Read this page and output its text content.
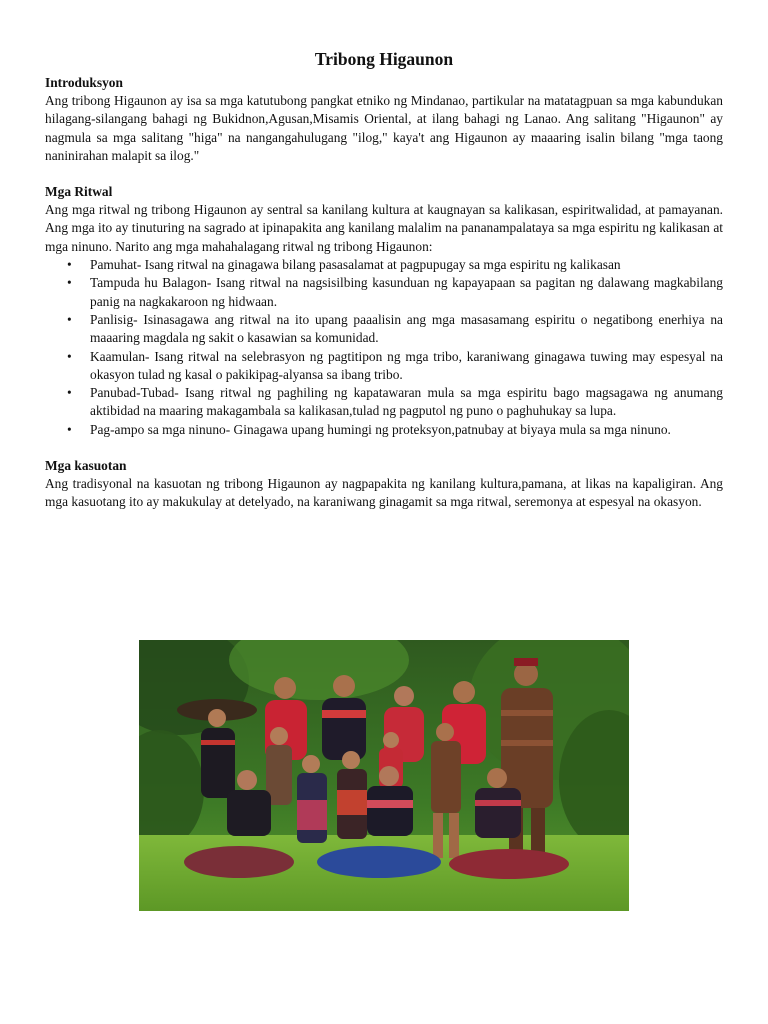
Tribong Higaunon
Introduksyon

Ang tribong Higaunon ay isa sa mga katutubong pangkat etniko ng Mindanao, partikular na matatagpuan sa mga kabundukan hilagang-silangang bahagi ng Bukidnon,Agusan,Misamis Oriental, at ilang bahagi ng Lanao. Ang salitang "Higaunon" ay nagmula sa mga salitang "higa" na nangangahulugang "ilog," kaya't ang Higaunon ay maaaring isalin bilang "mga taong naninirahan malapit sa ilog."

Mga Ritwal

Ang mga ritwal ng tribong Higaunon ay sentral sa kanilang kultura at kaugnayan sa kalikasan, espiritwalidad, at pamayanan. Ang mga ito ay tinuturing na sagrado at ipinapakita ang kanilang malalim na pananampalataya sa mga espiritu ng kalikasan at mga ninuno. Narito ang mga mahahalagang ritwal ng tribong Higaunon:

• Pamuhat- Isang ritwal na ginagawa bilang pasasalamat at pagpupugay sa mga espiritu ng kalikasan
• Tampuda hu Balagon- Isang ritwal na nagsisilbing kasunduan ng kapayapaan sa pagitan ng dalawang magkabilang panig na nagkakaroon ng hidwaan.
• Panlisig- Isinasagawa ang ritwal na ito upang paaalisin ang mga masasamang espiritu o negatibong enerhiya na maaaring magdala ng sakit o kasawian sa komunidad.
• Kaamulan- Isang ritwal na selebrasyon ng pagtitipon ng mga tribo, karaniwang ginagawa tuwing may espesyal na okasyon tulad ng kasal o pakikipag-alyansa sa ibang tribo.
• Panubad-Tubad- Isang ritwal ng paghiling ng kapatawaran mula sa mga espiritu bago magsagawa ng anumang aktibidad na maaring makagambala sa kalikasan,tulad ng pagputol ng puno o paghuhukay sa lupa.
• Pag-ampo sa mga ninuno- Ginagawa upang humingi ng proteksyon,patnubay at biyaya mula sa mga ninuno.
Mga kasuotan

Ang tradisyonal na kasuotan ng tribong Higaunon ay nagpapakita ng kanilang kultura,pamana, at likas na kapaligiran. Ang mga kasuotang ito ay makukulay at detelyado, na karaniwang ginagamit sa mga ritwal, seremonya at espesyal na okasyon.
